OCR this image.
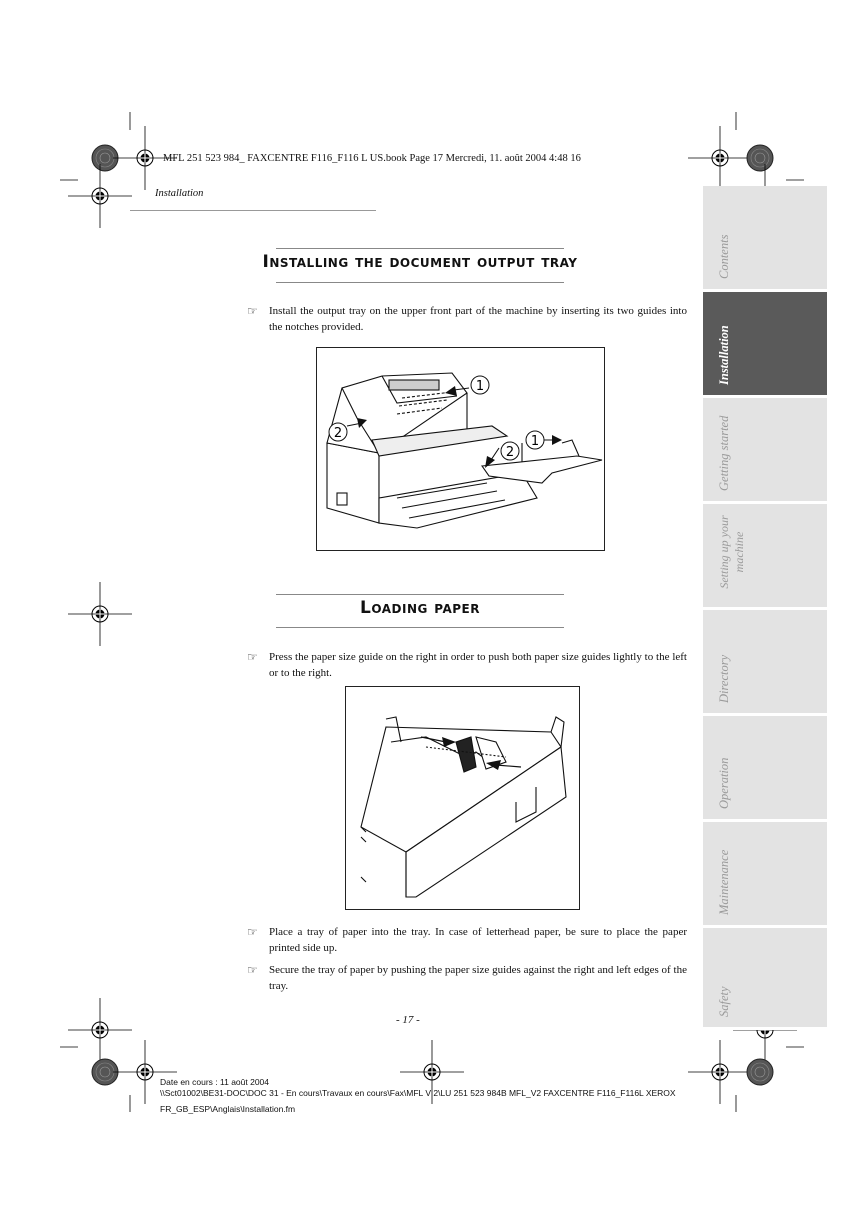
MFL 251 523 984_ FAXCENTRE F116_F116 L US.book Page 17 Mercredi, 11. août 2004 4:48 16
Installation
Installing the document output tray
☞ Install the output tray on the upper front part of the machine by inserting its two guides into the notches provided.
1
2
2
1
Loading paper
☞ Press the paper size guide on the right in order to push both paper size guides lightly to the left or to the right.
☞ Place a tray of paper into the tray. In case of letterhead paper, be sure to place the paper printed side up.
☞ Secure the tray of paper by pushing the paper size guides against the right and left edges of the tray.
- 17 -
Contents
Installation
Getting started
Setting up your machine
Directory
Operation
Maintenance
Safety
Date en cours : 11 août 2004
\\Sct01002\BE31-DOC\DOC 31 - En cours\Travaux en cours\Fax\MFL V 2\LU 251 523 984B MFL_V2 FAXCENTRE F116_F116L XEROX
FR_GB_ESP\Anglais\Installation.fm
